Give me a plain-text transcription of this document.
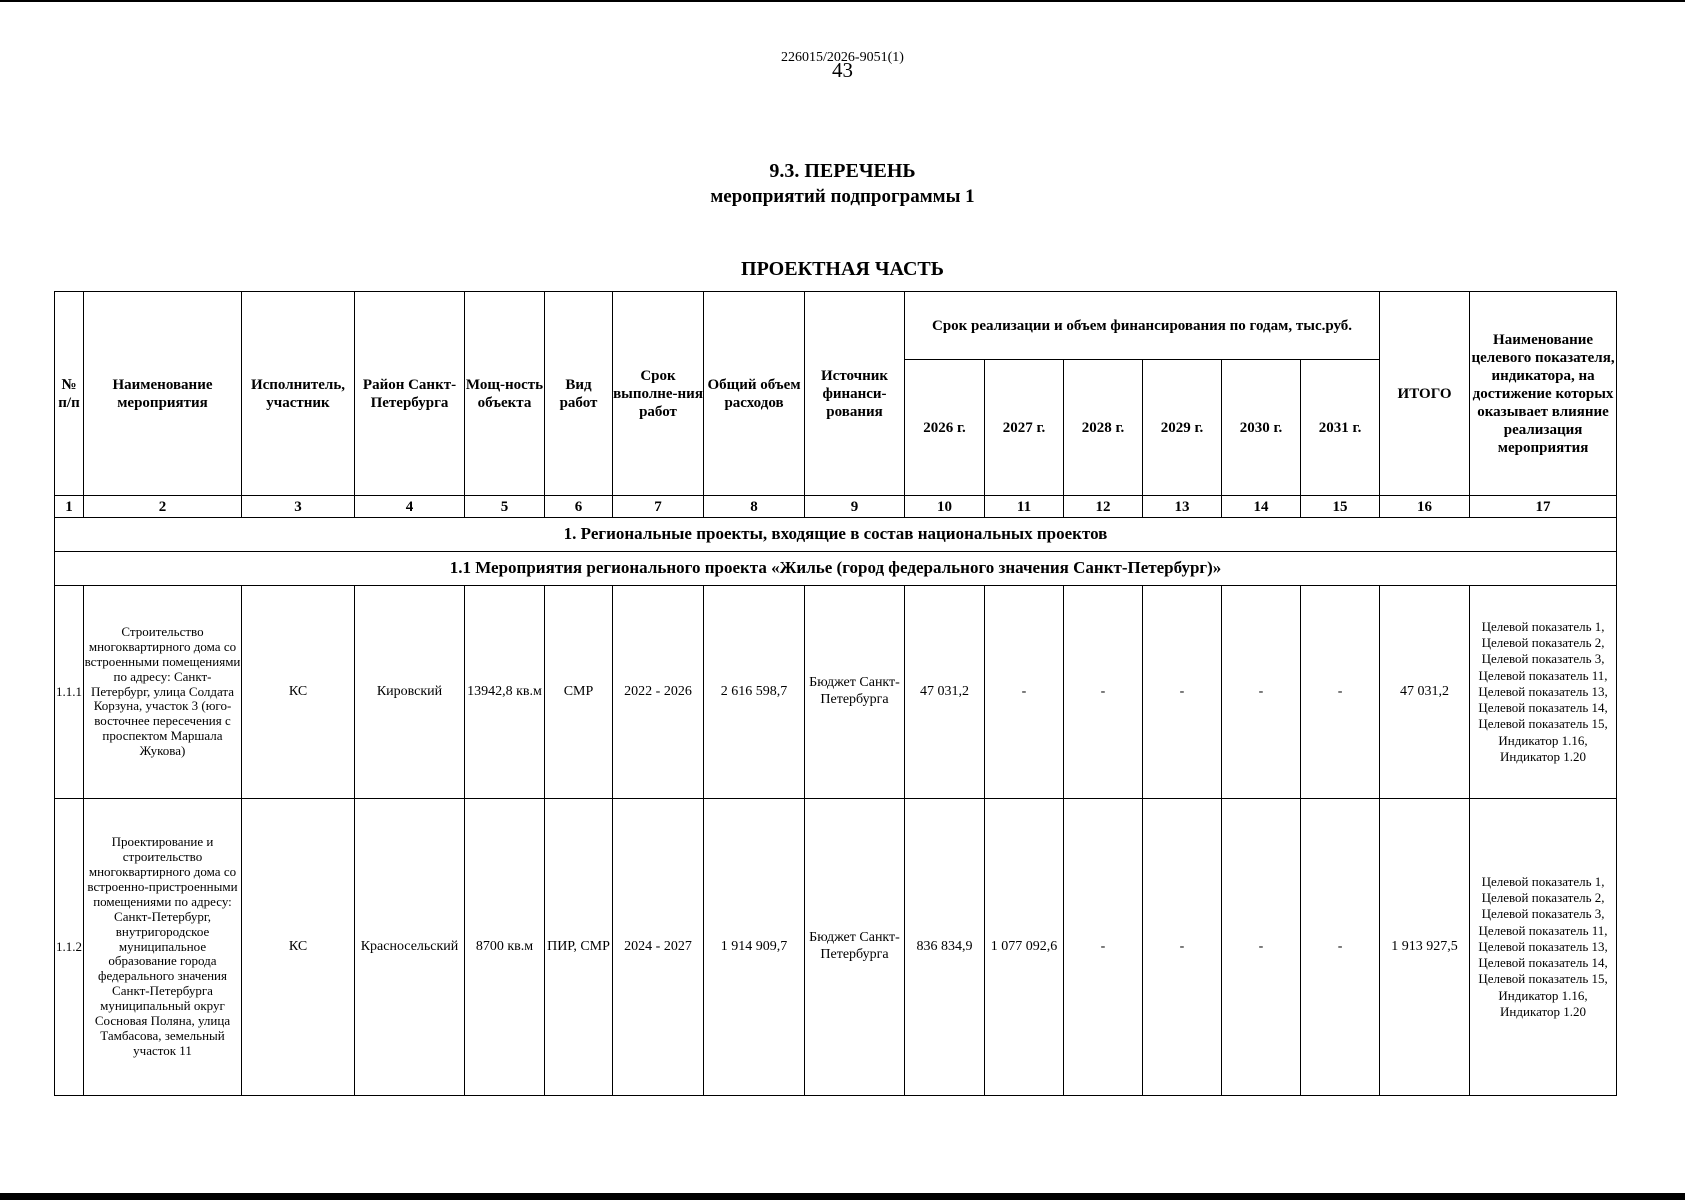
226015/2026-9051(1)
43
9.3. ПЕРЕЧЕНЬ
мероприятий подпрограммы 1
ПРОЕКТНАЯ ЧАСТЬ
№ п/п	Наименование мероприятия	Исполнитель, участник	Район Санкт-Петербурга	Мощ-ность объекта	Вид работ	Срок выполне-ния работ	Общий объем расходов	Источник финанси-рования	Срок реализации и объем финансирования по годам, тыс.руб.						ИТОГО	Наименование целевого показателя, индикатора, на достижение которых оказывает влияние реализация мероприятия
									2026 г.	2027 г.	2028 г.	2029 г.	2030 г.	2031 г.		
1	2	3	4	5	6	7	8	9	10	11	12	13	14	15	16	17
1. Региональные проекты, входящие в состав национальных проектов																
1.1 Мероприятия регионального проекта «Жилье (город федерального значения Санкт-Петербург)»																
1.1.1	Строительство многоквартирного дома со встроенными помещениями по адресу: Санкт-Петербург, улица Солдата Корзуна, участок 3 (юго-восточнее пересечения с проспектом Маршала Жукова)	КС	Кировский	13942,8 кв.м	СМР	2022 - 2026	2 616 598,7	Бюджет Санкт-Петербурга	47 031,2	-	-	-	-	-	47 031,2	Целевой показатель 1, Целевой показатель 2, Целевой показатель 3, Целевой показатель 11, Целевой показатель 13, Целевой показатель 14, Целевой показатель 15, Индикатор 1.16, Индикатор 1.20
1.1.2	Проектирование и строительство многоквартирного дома со встроенно-пристроенными помещениями по адресу: Санкт-Петербург, внутригородское муниципальное образование города федерального значения Санкт-Петербурга муниципальный округ Сосновая Поляна, улица Тамбасова, земельный участок 11	КС	Красносельский	8700 кв.м	ПИР, СМР	2024 - 2027	1 914 909,7	Бюджет Санкт-Петербурга	836 834,9	1 077 092,6	-	-	-	-	1 913 927,5	Целевой показатель 1, Целевой показатель 2, Целевой показатель 3, Целевой показатель 11, Целевой показатель 13, Целевой показатель 14, Целевой показатель 15, Индикатор 1.16, Индикатор 1.20
